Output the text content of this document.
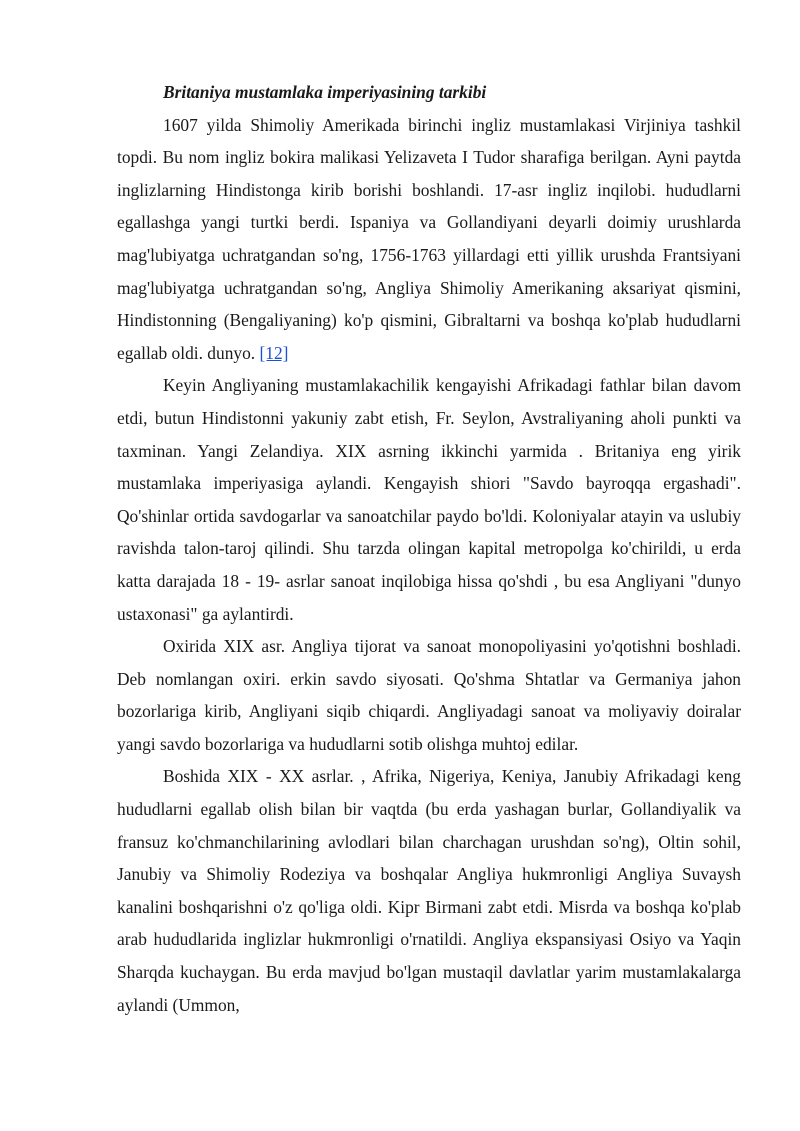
Britaniya mustamlaka imperiyasining tarkibi

1607 yilda Shimoliy Amerikada birinchi ingliz mustamlakasi Virjiniya tashkil topdi. Bu nom ingliz bokira malikasi Yelizaveta I Tudor sharafiga berilgan. Ayni paytda inglizlarning Hindistonga kirib borishi boshlandi. 17-asr ingliz inqilobi. hududlarni egallashga yangi turtki berdi. Ispaniya va Gollandiyani deyarli doimiy urushlarda mag'lubiyatga uchratgandan so'ng, 1756-1763 yillardagi etti yillik urushda Frantsiyani mag'lubiyatga uchratgandan so'ng, Angliya Shimoliy Amerikaning aksariyat qismini, Hindistonning (Bengaliyaning) ko'p qismini, Gibraltarni va boshqa ko'plab hududlarni egallab oldi. dunyo. [12]

Keyin Angliyaning mustamlakachilik kengayishi Afrikadagi fathlar bilan davom etdi, butun Hindistonni yakuniy zabt etish, Fr. Seylon, Avstraliyaning aholi punkti va taxminan. Yangi Zelandiya. XIX asrning ikkinchi yarmida . Britaniya eng yirik mustamlaka imperiyasiga aylandi. Kengayish shiori "Savdo bayroqqa ergashadi". Qo'shinlar ortida savdogarlar va sanoatchilar paydo bo'ldi. Koloniyalar atayin va uslubiy ravishda talon-taroj qilindi. Shu tarzda olingan kapital metropolga ko'chirildi, u erda katta darajada 18 - 19- asrlar sanoat inqilobiga hissa qo'shdi , bu esa Angliyani "dunyo ustaxonasi" ga aylantirdi.

Oxirida XIX asr. Angliya tijorat va sanoat monopoliyasini yo'qotishni boshladi. Deb nomlangan oxiri. erkin savdo siyosati. Qo'shma Shtatlar va Germaniya jahon bozorlariga kirib, Angliyani siqib chiqardi. Angliyadagi sanoat va moliyaviy doiralar yangi savdo bozorlariga va hududlarni sotib olishga muhtoj edilar.

Boshida XIX - XX asrlar. , Afrika, Nigeriya, Keniya, Janubiy Afrikadagi keng hududlarni egallab olish bilan bir vaqtda (bu erda yashagan burlar, Gollandiyalik va fransuz ko'chmanchilarining avlodlari bilan charchagan urushdan so'ng), Oltin sohil, Janubiy va Shimoliy Rodeziya va boshqalar Angliya hukmronligi Angliya Suvaysh kanalini boshqarishni o'z qo'liga oldi. Kipr Birmani zabt etdi. Misrda va boshqa ko'plab arab hududlarida inglizlar hukmronligi o'rnatildi. Angliya ekspansiyasi Osiyo va Yaqin Sharqda kuchaygan. Bu erda mavjud bo'lgan mustaqil davlatlar yarim mustamlakalarga aylandi (Ummon,
